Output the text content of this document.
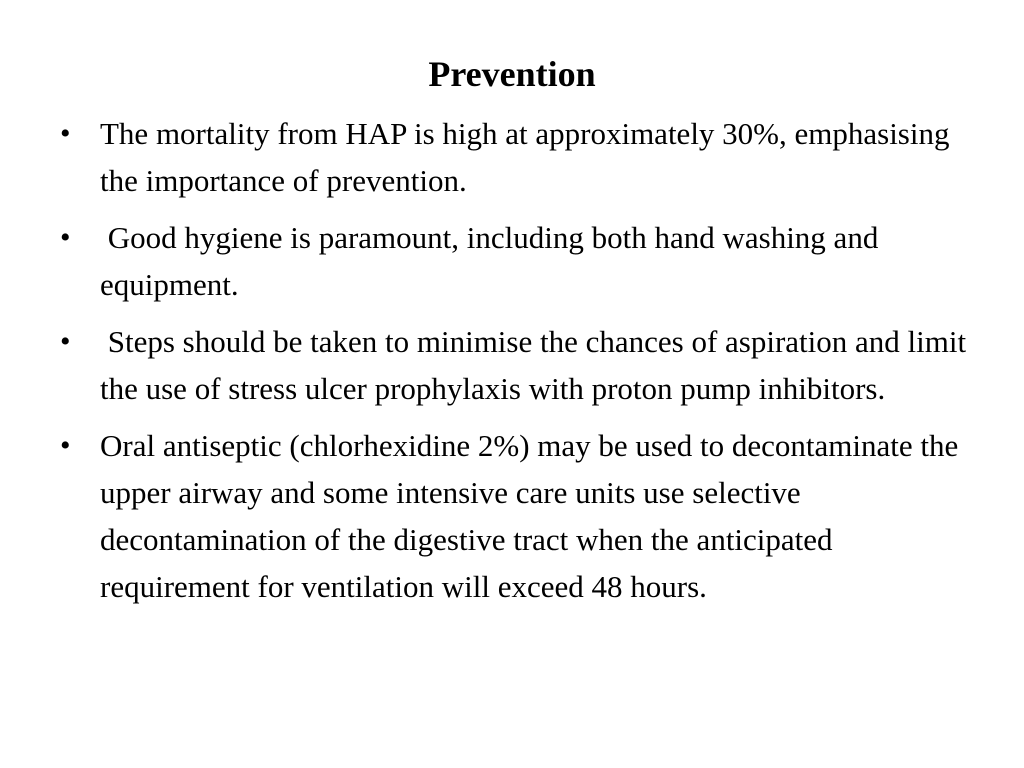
Prevention
• The mortality from HAP is high at approximately 30%, emphasising the importance of prevention.
• Good hygiene is paramount, including both hand washing and equipment.
• Steps should be taken to minimise the chances of aspiration and limit the use of stress ulcer prophylaxis with proton pump inhibitors.
• Oral antiseptic (chlorhexidine 2%) may be used to decontaminate the upper airway and some intensive care units use selective decontamination of the digestive tract when the anticipated requirement for ventilation will exceed 48 hours.
